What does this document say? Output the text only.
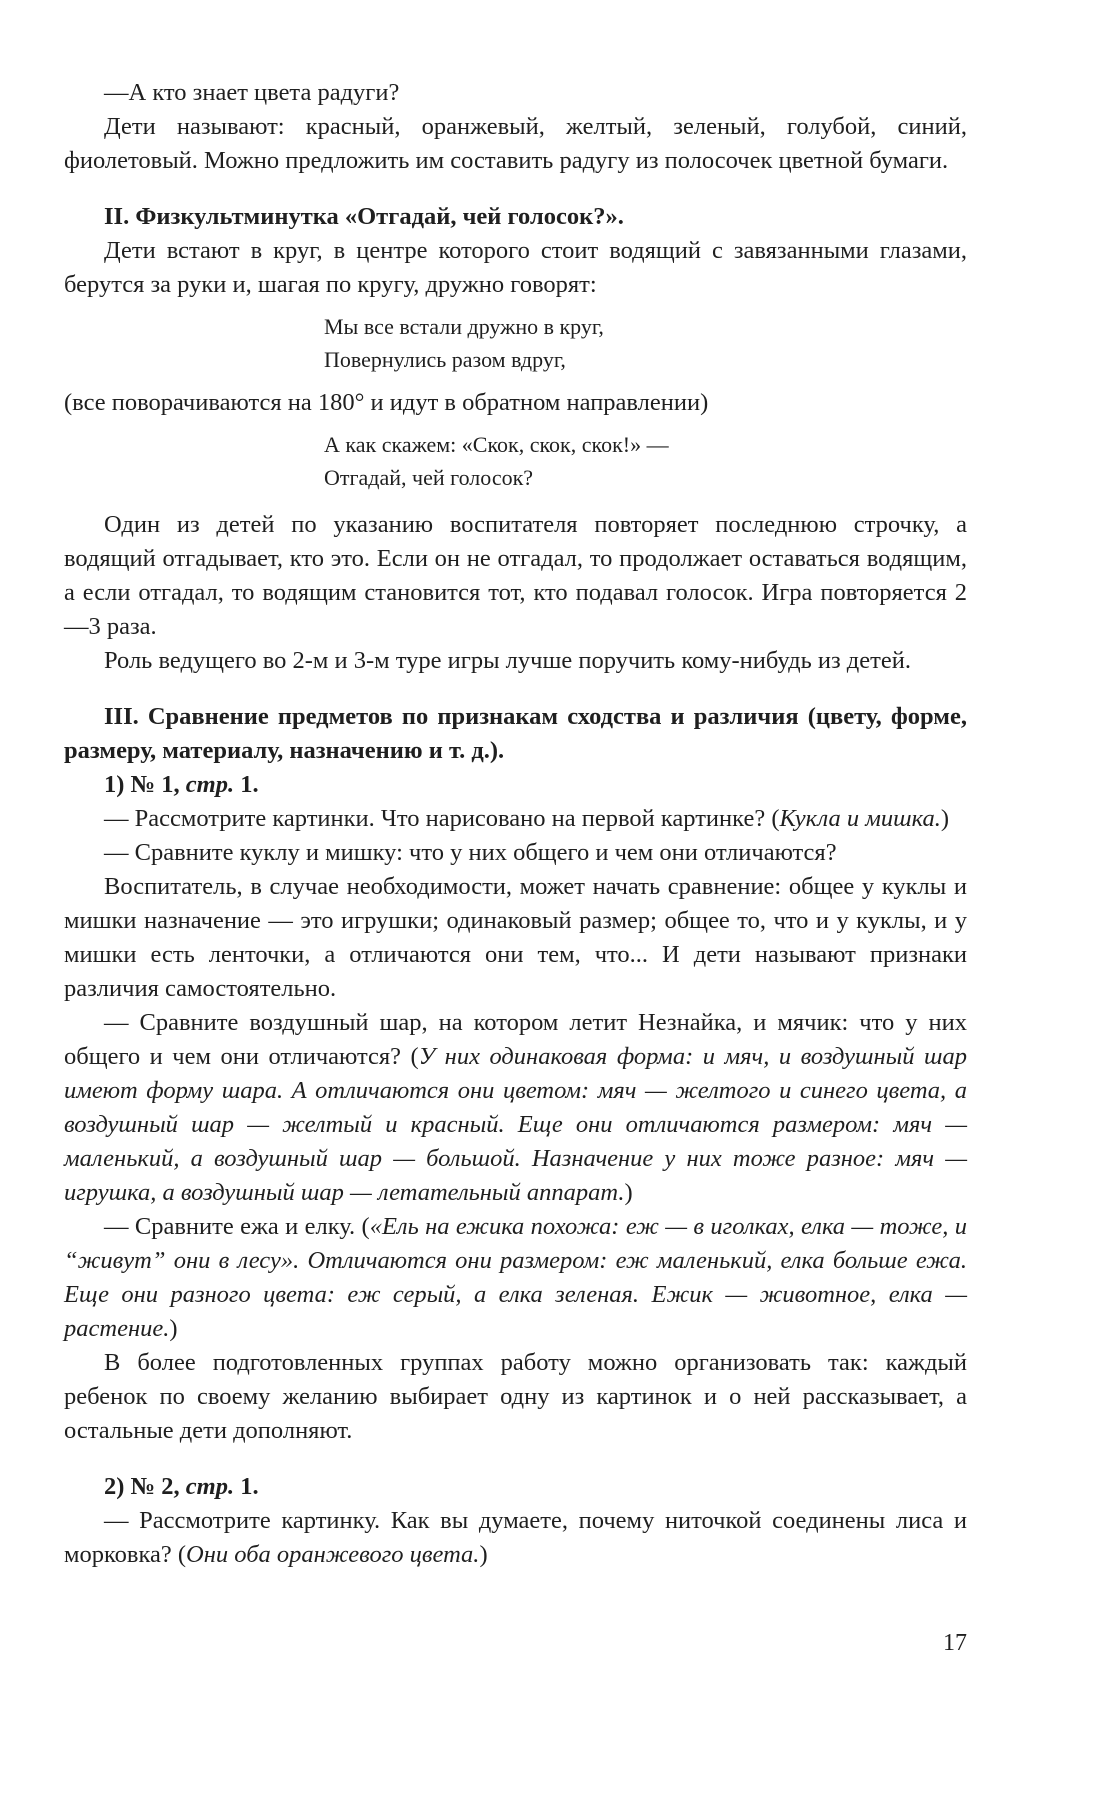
—А кто знает цвета радуги?

Дети называют: красный, оранжевый, желтый, зеленый, голубой, синий, фиолетовый. Можно предложить им составить радугу из полосочек цветной бумаги.

II. Физкультминутка «Отгадай, чей голосок?».

Дети встают в круг, в центре которого стоит водящий с завязанными глазами, берутся за руки и, шагая по кругу, дружно говорят:

Мы все встали дружно в круг,
Повернулись разом вдруг,

(все поворачиваются на 180° и идут в обратном направлении)

А как скажем: «Скок, скок, скок!» —
Отгадай, чей голосок?

Один из детей по указанию воспитателя повторяет последнюю строчку, а водящий отгадывает, кто это. Если он не отгадал, то продолжает оставаться водящим, а если отгадал, то водящим становится тот, кто подавал голосок. Игра повторяется 2—3 раза.

Роль ведущего во 2-м и 3-м туре игры лучше поручить кому-нибудь из детей.

III. Сравнение предметов по признакам сходства и различия (цвету, форме, размеру, материалу, назначению и т. д.).

1) № 1, стр. 1.

— Рассмотрите картинки. Что нарисовано на первой картинке? (Кукла и мишка.)

— Сравните куклу и мишку: что у них общего и чем они отличаются?

Воспитатель, в случае необходимости, может начать сравнение: общее у куклы и мишки назначение — это игрушки; одинаковый размер; общее то, что и у куклы, и у мишки есть ленточки, а отличаются они тем, что... И дети называют признаки различия самостоятельно.

— Сравните воздушный шар, на котором летит Незнайка, и мячик: что у них общего и чем они отличаются? (У них одинаковая форма: и мяч, и воздушный шар имеют форму шара. А отличаются они цветом: мяч — желтого и синего цвета, а воздушный шар — желтый и красный. Еще они отличаются размером: мяч — маленький, а воздушный шар — большой. Назначение у них тоже разное: мяч — игрушка, а воздушный шар — летательный аппарат.)

— Сравните ежа и елку. («Ель на ежика похожа: еж — в иголках, елка — тоже, и “живут” они в лесу». Отличаются они размером: еж маленький, елка больше ежа. Еще они разного цвета: еж серый, а елка зеленая. Ежик — животное, елка — растение.)

В более подготовленных группах работу можно организовать так: каждый ребенок по своему желанию выбирает одну из картинок и о ней рассказывает, а остальные дети дополняют.

2) № 2, стр. 1.

— Рассмотрите картинку. Как вы думаете, почему ниточкой соединены лиса и морковка? (Они оба оранжевого цвета.)

17
